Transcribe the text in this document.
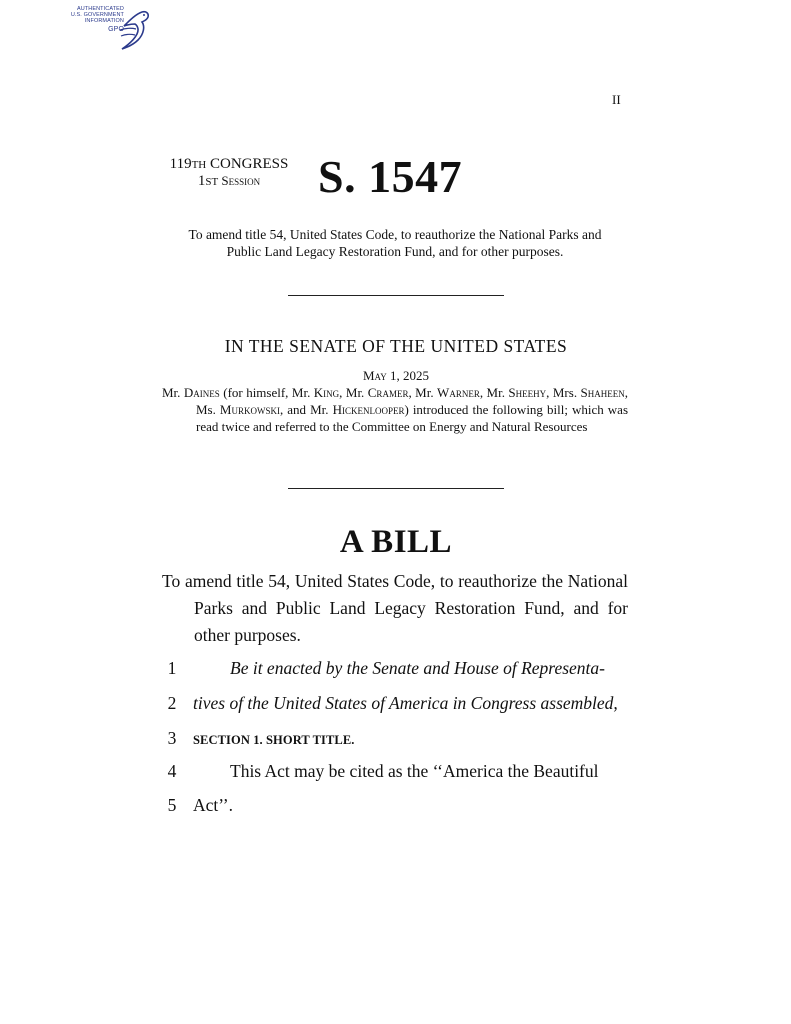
AUTHENTICATED
U.S. GOVERNMENT
INFORMATION

GPO
II
119TH CONGRESS
1ST Session	S. 1547
To amend title 54, United States Code, to reauthorize the National Parks and Public Land Legacy Restoration Fund, and for other purposes.
IN THE SENATE OF THE UNITED STATES
May 1, 2025

Mr. Daines (for himself, Mr. King, Mr. Cramer, Mr. Warner, Mr. Sheehy, Mrs. Shaheen, Ms. Murkowski, and Mr. Hickenlooper) introduced the following bill; which was read twice and referred to the Committee on Energy and Natural Resources

A BILL

To amend title 54, United States Code, to reauthorize the National Parks and Public Land Legacy Restoration Fund, and for other purposes.

1	Be it enacted by the Senate and House of Representa-
2 tives of the United States of America in Congress assembled,
3	SECTION 1. SHORT TITLE.
4	This Act may be cited as the ‘‘America the Beautiful
5 Act’’.
